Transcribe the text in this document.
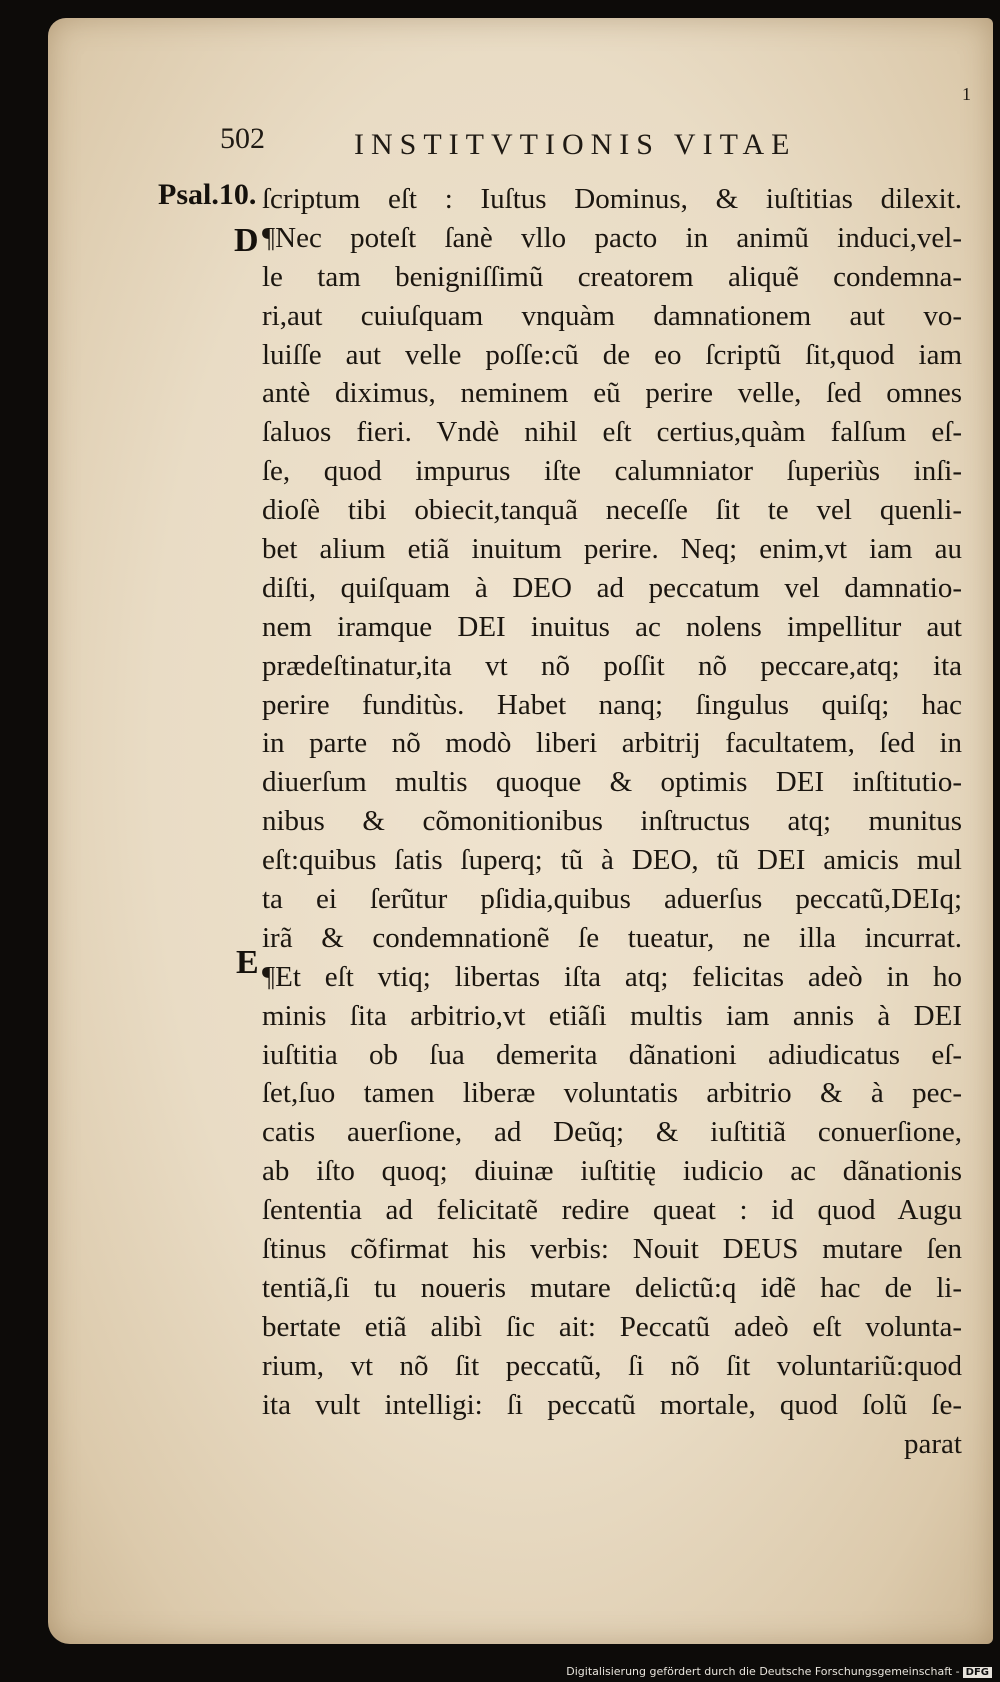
1
502	INSTITVTIONIS VITAE
Psal.10.
D
E
ſcriptum eſt : Iuſtus Dominus, & iuſtitias dilexit.
¶Nec poteſt ſanè vllo pacto in animũ induci,vel-
le tam benigniſſimũ creatorem aliquẽ condemna-
ri,aut cuiuſquam vnquàm damnationem aut vo-
luiſſe aut velle poſſe:cũ de eo ſcriptũ ſit,quod iam
antè diximus, neminem eũ perire velle, ſed omnes
ſaluos fieri. Vndè nihil eſt certius,quàm falſum eſ-
ſe, quod impurus iſte calumniator ſuperiùs inſi-
dioſè tibi obiecit,tanquã neceſſe ſit te vel quenli-
bet alium etiã inuitum perire. Neq; enim,vt iam au
diſti, quiſquam à DEO ad peccatum vel damnatio-
nem iramque DEI inuitus ac nolens impellitur aut
prædeſtinatur,ita vt nõ poſſit nõ peccare,atq; ita
perire funditùs. Habet nanq; ſingulus quiſq; hac
in parte nõ modò liberi arbitrij facultatem, ſed in
diuerſum multis quoque & optimis DEI inſtitutio-
nibus & cõmonitionibus inſtructus atq; munitus
eſt:quibus ſatis ſuperq; tũ à DEO, tũ DEI amicis mul
ta ei ſerũtur pſidia,quibus aduerſus peccatũ,DEIq;
irã & condemnationẽ ſe tueatur, ne illa incurrat.
¶Et eſt vtiq; libertas iſta atq; felicitas adeò in ho
minis ſita arbitrio,vt etiãſi multis iam annis à DEI
iuſtitia ob ſua demerita dãnationi adiudicatus eſ-
ſet,ſuo tamen liberæ voluntatis arbitrio & à pec-
catis auerſione, ad Deũq; & iuſtitiã conuerſione,
ab iſto quoq; diuinæ iuſtitię iudicio ac dãnationis
ſententia ad felicitatẽ redire queat : id quod Augu
ſtinus cõfirmat his verbis: Nouit DEUS mutare ſen
tentiã,ſi tu noueris mutare delictũ:q idẽ hac de li-
bertate etiã alibì ſic ait: Peccatũ adeò eſt volunta-
rium, vt nõ ſit peccatũ, ſi nõ ſit voluntariũ:quod
ita vult intelligi: ſi peccatũ mortale, quod ſolũ ſe-
parat
Digitalisierung gefördert durch die Deutsche Forschungsgemeinschaft - DFG
